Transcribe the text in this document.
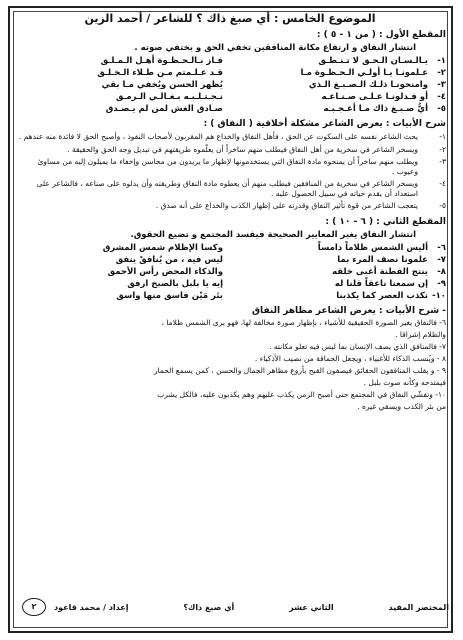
الموضوع الخامس : أي صبغ ذاك ؟ للشاعر / أحمد الزين
المقطع الأول : ( من ١ - ٥ ) :
انتشار النفاق و ارتفاع مكانة المنافقين تخفي الحق و يختفي صوته .
١-	يـالـسـان الـحـق لا تـنـطـق	فـاز بـالـحـظـوة أهـل الـمـلـق
٢-	عـلمونـا يـا أولـي الـحـظـوة مـا	قـد عـلـمتم مـن طـلاء الـخـلـق
٣-	وامنحونـا ذلـك الـصـبـغ الـذي	يُظهر الحسن ويُخفي مـا بقي
٤-	أو فـدلونـا عـلـى صـنـاعـه	نـجـتـلـبـه بـغـالـي الـرمـق
٥-	أيُّ صـبـغ ذاك مـا أعـجـبـه	صـادق الغش لمن لم يـصـدق
شرح الأبيات : يعرض الشاعر مشكلة أخلاقية ( النفاق ) :
١-
يحث الشاعر نفسه على السكوت عن الحق ، فأهل النفاق والخداع هم المقربون لأصحاب النفوذ ، وأصبح الحق لا فائدة منه عندهم .
٢-
ويسخر الشاعر في سخرية من أهل النفاق فيطلب منهم ساخراً أن يعلّموه طريقتهم في تبديل وجه الحق والحقيقة .
٣-
ويطلب منهم ساخراً أن يمنحوه مادة النفاق التي يستخدمونها لإظهار ما يريدون من محاسن وإخفاء ما يميلون إليه من مساوئ وعيوب .
٤-
ويسخر الشاعر في سخرية من المنافقين فيطلب منهم أن يعطوه مادة النفاق وطريقته وأن يدلوه على صناعه ، فالشاعر على استعداد أن يقدم حياته في سبيل الحصول عليه .
٥-
يتعجب الشاعر من قوة تأثير النفاق وقدرته على إظهار الكذب والخداع على أنه صدق .
المقطع الثاني : ( ٦ - ١٠ ) :
انتشار النفاق يغير المعايير الصحيحة فيفسد المجتمع و تضيع الحقوق.
٦-	أليس الشمس ظلاماً دامساً	وكسا الإظلام شمس المشرق
٧-	علمونا نصف المرء بما	ليس فيه ، من يُنافقْ ينفق
٨-	ينتج الفطنة أغبى خلقه	والذكاء المحض رأس الأحمق
٩-	إن سمعنا ناعقاً قلنا له	إيه يا بلبل بالصبح ارفق
١٠-	نكذب العصر كما يكذبنا	بئر مَيْن فاسق منها واسق
- شرح الأبيات : يعرض الشاعر مظاهر النفاق
٦- فالنفاق يغير الصورة الحقيقية للأشياء ، بإظهار صورة مخالفة لها، فهو يرى الشمس ظلاما ،
والظلام إشراقا .
٧- فالمنافق الذي يصف الإنسان بما ليس فيه تعلو مكانته .
٨ - ويُنسب الذكاء للأغبياء ، ويجعل الحماقة من نصيب الأذكياء .
٩ - و يقلب المنافقون الحقائق فيصفون القبح بأروع مظاهر الجمال والحسن ، كمن يسمع الحمار
فيمتدحه وكأنه صوت بلبل .
١٠- وتفشّي النفاق في المجتمع حتى أصبح الزمن يكذب عليهم وهم يكذبون عليه، فالكل يشرب
من بئر الكذب ويسقي غيره .
٢	المختصر المفيد
الثاني عشر
أي صبغ ذاك؟
إعداد / محمد قاعود
